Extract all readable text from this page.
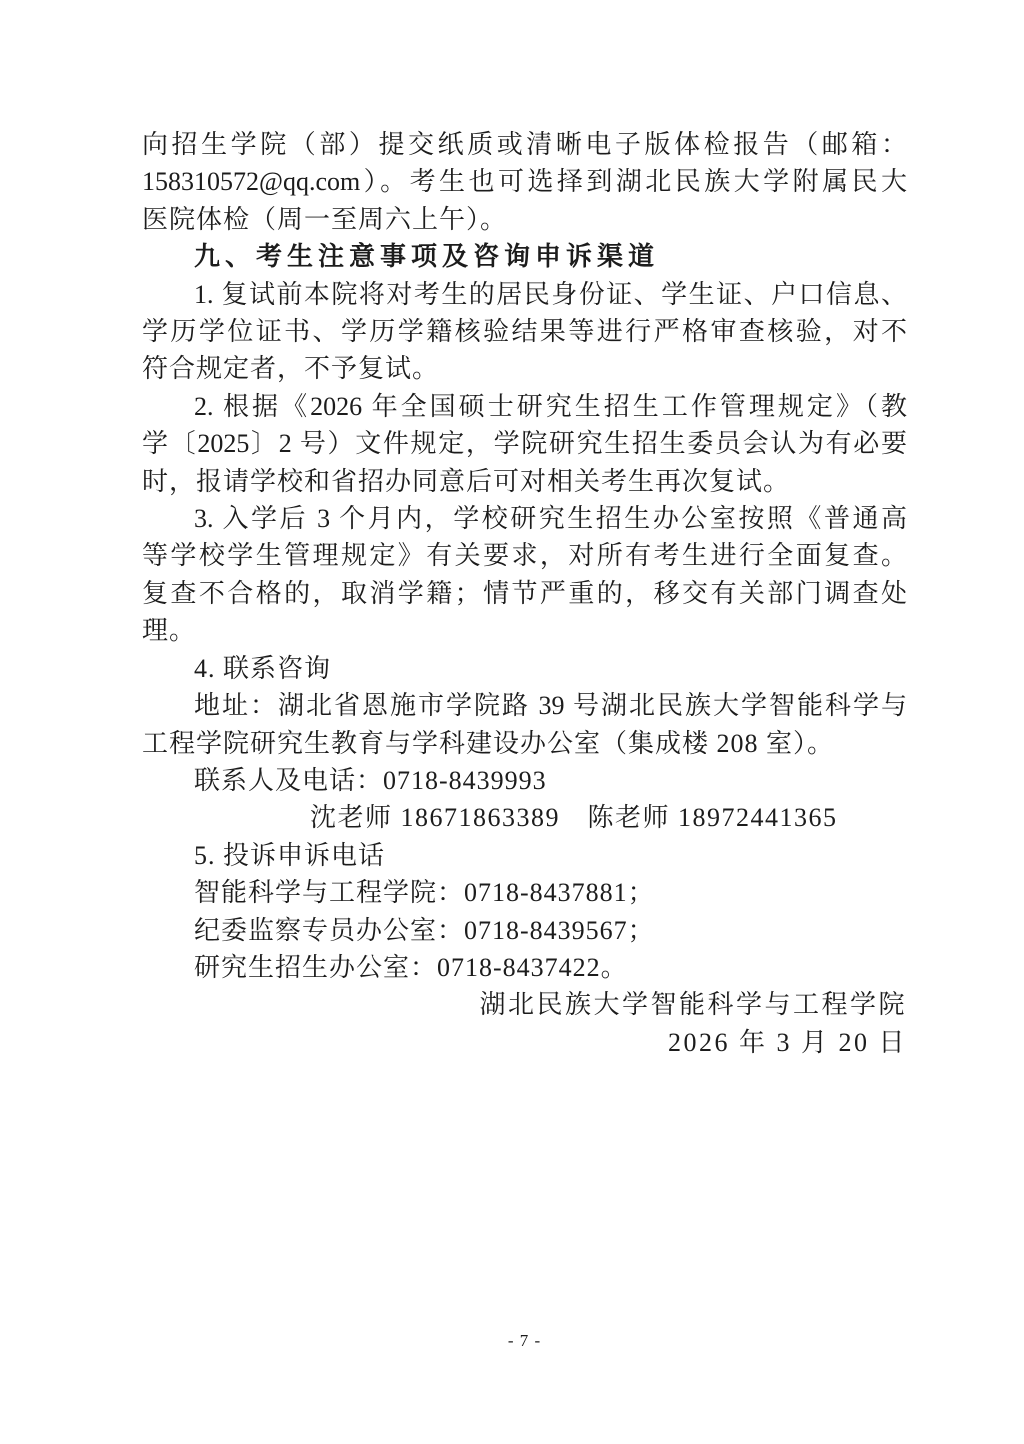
向招生学院（部）提交纸质或清晰电子版体检报告（邮箱：
158310572@qq.com）。考生也可选择到湖北民族大学附属民大
医院体检（周一至周六上午）。
九、考生注意事项及咨询申诉渠道
1. 复试前本院将对考生的居民身份证、学生证、户口信息、
学历学位证书、学历学籍核验结果等进行严格审查核验，对不
符合规定者，不予复试。
2. 根据《2026 年全国硕士研究生招生工作管理规定》（教
学〔2025〕2 号）文件规定，学院研究生招生委员会认为有必要
时，报请学校和省招办同意后可对相关考生再次复试。
3. 入学后 3 个月内，学校研究生招生办公室按照《普通高
等学校学生管理规定》有关要求，对所有考生进行全面复查。
复查不合格的，取消学籍；情节严重的，移交有关部门调查处
理。
4. 联系咨询
地址：湖北省恩施市学院路 39 号湖北民族大学智能科学与
工程学院研究生教育与学科建设办公室（集成楼 208 室）。
联系人及电话：0718-8439993
沈老师 18671863389　陈老师 18972441365
5. 投诉申诉电话
智能科学与工程学院：0718-8437881；
纪委监察专员办公室：0718-8439567；
研究生招生办公室：0718-8437422。
湖北民族大学智能科学与工程学院
2026 年 3 月 20 日
- 7 -
